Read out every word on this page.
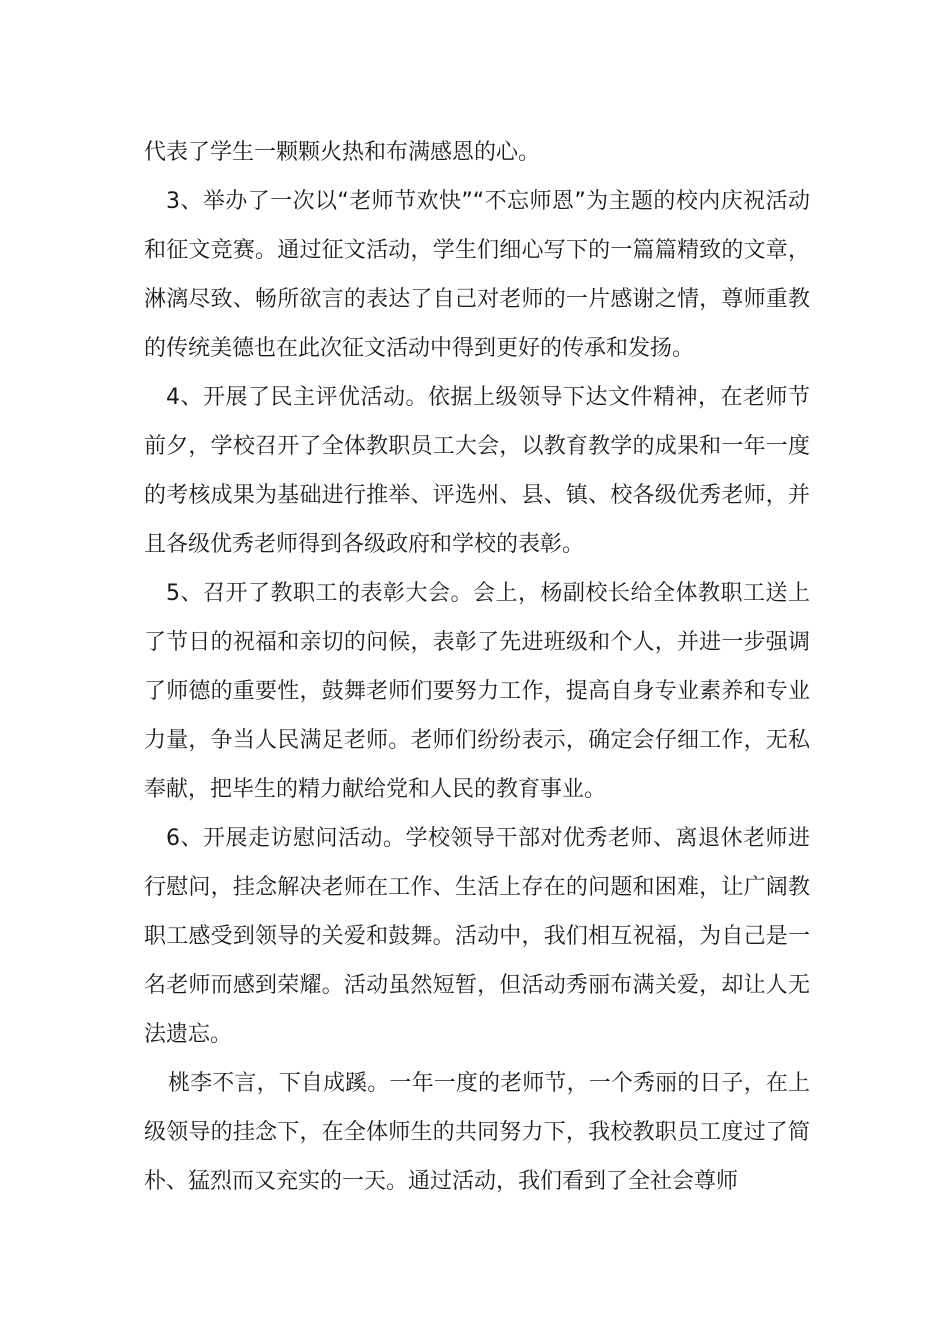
代表了学生一颗颗火热和布满感恩的心。

3、举办了一次以“老师节欢快”“不忘师恩”为主题的校内庆祝活动和征文竞赛。通过征文活动，学生们细心写下的一篇篇精致的文章，淋漓尽致、畅所欲言的表达了自己对老师的一片感谢之情，尊师重教的传统美德也在此次征文活动中得到更好的传承和发扬。

4、开展了民主评优活动。依据上级领导下达文件精神，在老师节前夕，学校召开了全体教职员工大会，以教育教学的成果和一年一度的考核成果为基础进行推举、评选州、县、镇、校各级优秀老师，并且各级优秀老师得到各级政府和学校的表彰。

5、召开了教职工的表彰大会。会上，杨副校长给全体教职工送上了节日的祝福和亲切的问候，表彰了先进班级和个人，并进一步强调了师德的重要性，鼓舞老师们要努力工作，提高自身专业素养和专业力量，争当人民满足老师。老师们纷纷表示，确定会仔细工作，无私奉献，把毕生的精力献给党和人民的教育事业。

6、开展走访慰问活动。学校领导干部对优秀老师、离退休老师进行慰问，挂念解决老师在工作、生活上存在的问题和困难，让广阔教职工感受到领导的关爱和鼓舞。活动中，我们相互祝福，为自己是一名老师而感到荣耀。活动虽然短暂，但活动秀丽布满关爱，却让人无法遗忘。

桃李不言，下自成蹊。一年一度的老师节，一个秀丽的日子，在上级领导的挂念下，在全体师生的共同努力下，我校教职员工度过了简朴、猛烈而又充实的一天。通过活动，我们看到了全社会尊师
